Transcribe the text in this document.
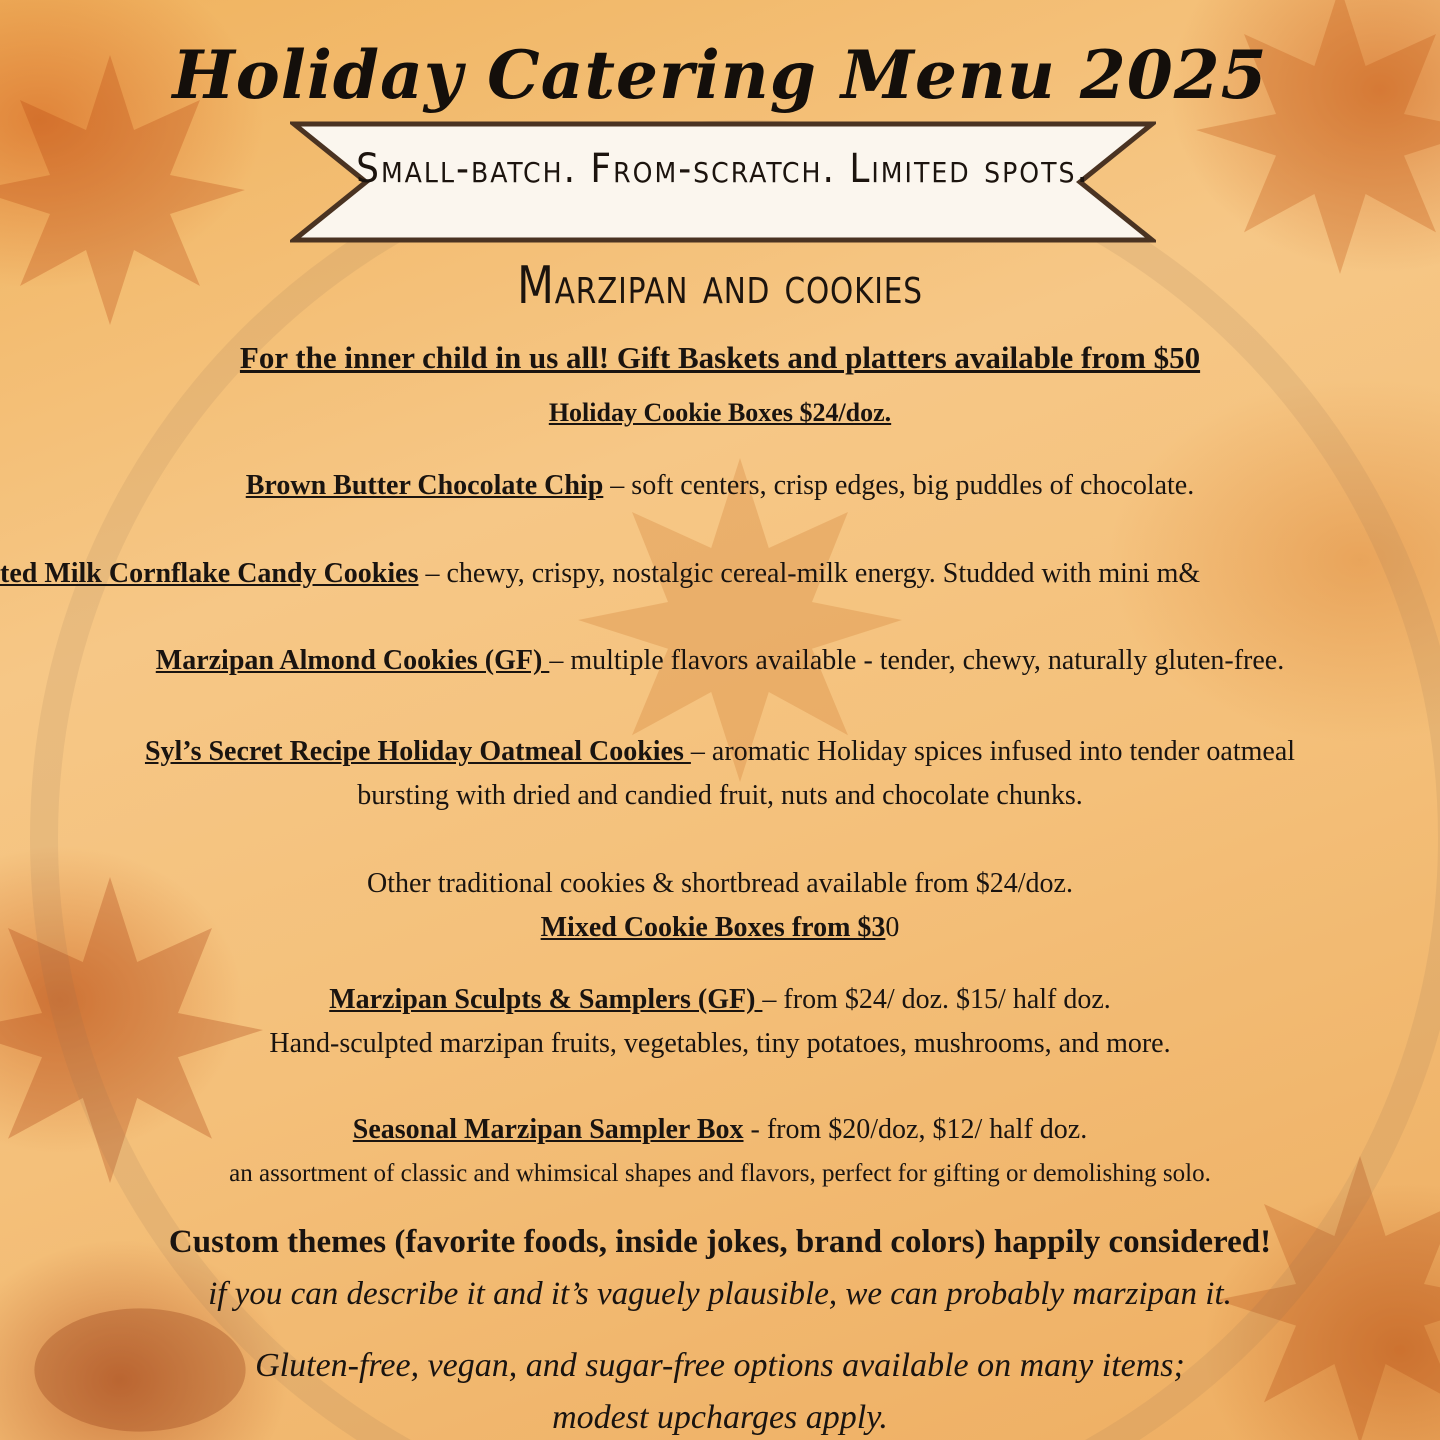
Holiday Catering Menu 2025
Small-batch. From-scratch. Limited spots.
Marzipan and cookies
For the inner child in us all! Gift Baskets and platters available from $50
Holiday Cookie Boxes $24/doz.
Brown Butter Chocolate Chip – soft centers, crisp edges, big puddles of chocolate.
ted Milk Cornflake Candy Cookies – chewy, crispy, nostalgic cereal-milk energy. Studded with mini m&
Marzipan Almond Cookies (GF) – multiple flavors available - tender, chewy, naturally gluten-free.
Syl’s Secret Recipe Holiday Oatmeal Cookies – aromatic Holiday spices infused into tender oatmeal
bursting with dried and candied fruit, nuts and chocolate chunks.
Other traditional cookies & shortbread available from $24/doz.
Mixed Cookie Boxes from $30
Marzipan Sculpts & Samplers (GF) – from $24/ doz. $15/ half doz.
Hand-sculpted marzipan fruits, vegetables, tiny potatoes, mushrooms, and more.
Seasonal Marzipan Sampler Box - from $20/doz, $12/ half doz.
an assortment of classic and whimsical shapes and flavors, perfect for gifting or demolishing solo.
Custom themes (favorite foods, inside jokes, brand colors) happily considered!
if you can describe it and it’s vaguely plausible, we can probably marzipan it.
Gluten-free, vegan, and sugar-free options available on many items;
modest upcharges apply.
